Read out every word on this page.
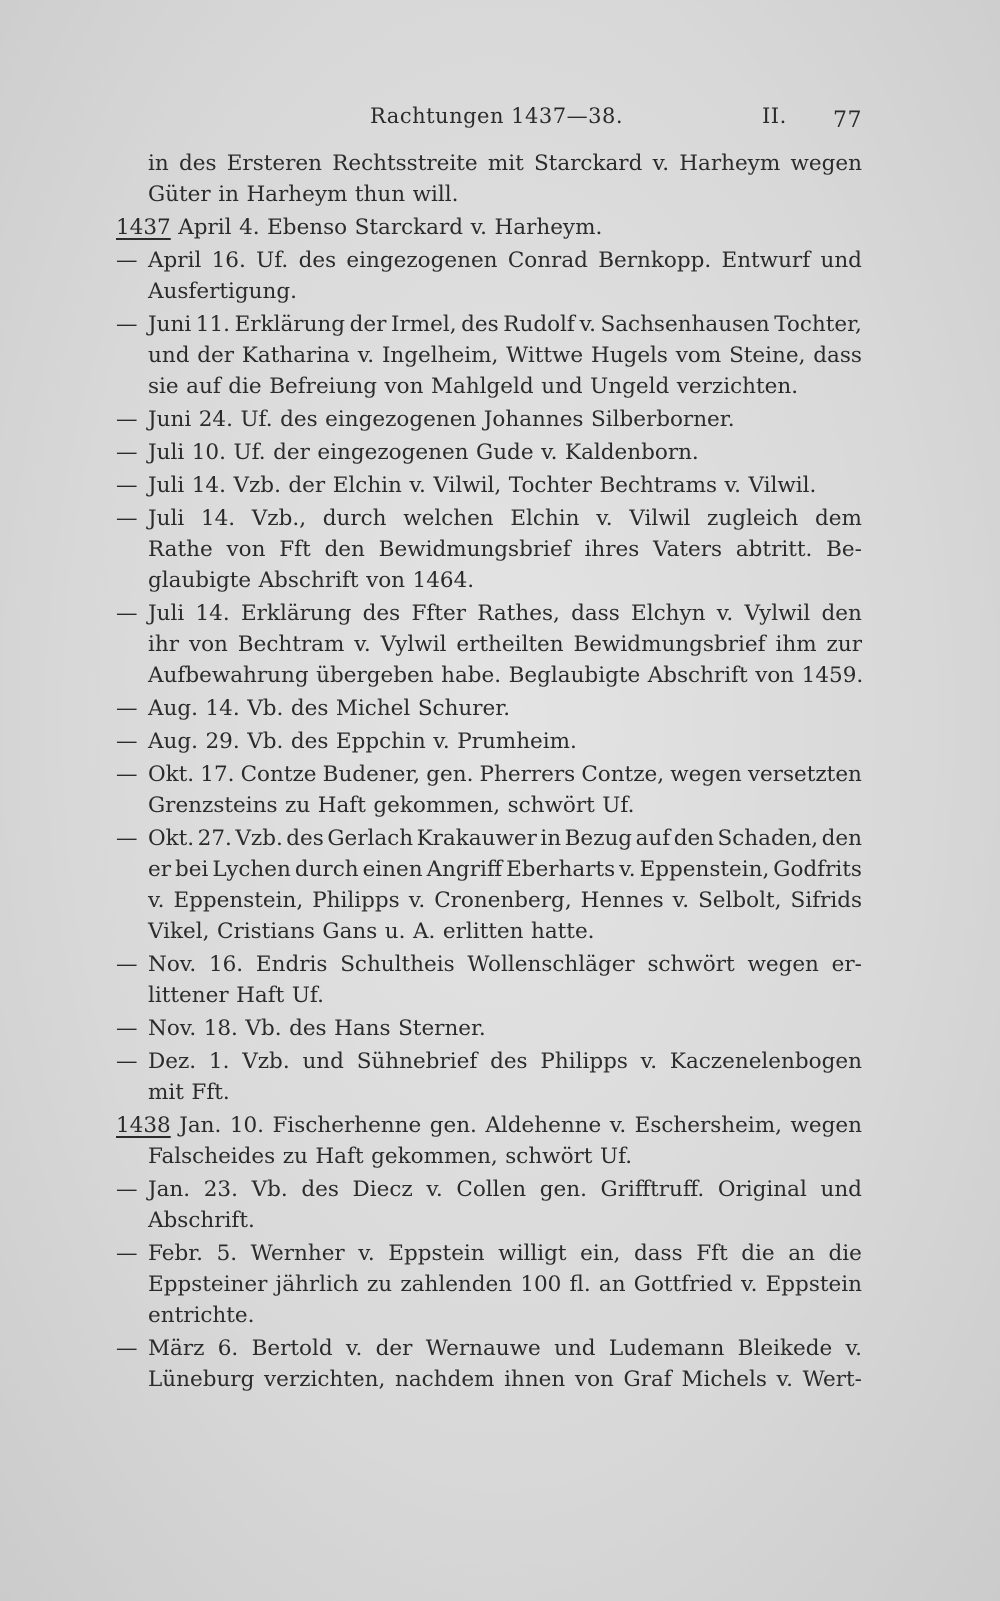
Rachtungen 1437—38.	II. 77
in des Ersteren Rechtsstreite mit Starckard v. Harheym wegen
Güter in Harheym thun will.
1437 April 4. Ebenso Starckard v. Harheym.
— April 16. Uf. des eingezogenen Conrad Bernkopp. Entwurf und
Ausfertigung.
— Juni 11. Erklärung der Irmel, des Rudolf v. Sachsenhausen Tochter,
und der Katharina v. Ingelheim, Wittwe Hugels vom Steine, dass
sie auf die Befreiung von Mahlgeld und Ungeld verzichten.
— Juni 24. Uf. des eingezogenen Johannes Silberborner.
— Juli 10. Uf. der eingezogenen Gude v. Kaldenborn.
— Juli 14. Vzb. der Elchin v. Vilwil, Tochter Bechtrams v. Vilwil.
— Juli 14. Vzb., durch welchen Elchin v. Vilwil zugleich dem
Rathe von Fft den Bewidmungsbrief ihres Vaters abtritt. Be-
glaubigte Abschrift von 1464.
— Juli 14. Erklärung des Ffter Rathes, dass Elchyn v. Vylwil den
ihr von Bechtram v. Vylwil ertheilten Bewidmungsbrief ihm zur
Aufbewahrung übergeben habe. Beglaubigte Abschrift von 1459.
— Aug. 14. Vb. des Michel Schurer.
— Aug. 29. Vb. des Eppchin v. Prumheim.
— Okt. 17. Contze Budener, gen. Pherrers Contze, wegen versetzten
Grenzsteins zu Haft gekommen, schwört Uf.
— Okt. 27. Vzb. des Gerlach Krakauwer in Bezug auf den Schaden, den
er bei Lychen durch einen Angriff Eberharts v. Eppenstein, Godfrits
v. Eppenstein, Philipps v. Cronenberg, Hennes v. Selbolt, Sifrids
Vikel, Cristians Gans u. A. erlitten hatte.
— Nov. 16. Endris Schultheis Wollenschläger schwört wegen er-
littener Haft Uf.
— Nov. 18. Vb. des Hans Sterner.
— Dez. 1. Vzb. und Sühnebrief des Philipps v. Kaczenelenbogen
mit Fft.
1438 Jan. 10. Fischerhenne gen. Aldehenne v. Eschersheim, wegen
Falscheides zu Haft gekommen, schwört Uf.
— Jan. 23. Vb. des Diecz v. Collen gen. Grifftruff. Original und
Abschrift.
— Febr. 5. Wernher v. Eppstein willigt ein, dass Fft die an die
Eppsteiner jährlich zu zahlenden 100 fl. an Gottfried v. Eppstein
entrichte.
— März 6. Bertold v. der Wernauwe und Ludemann Bleikede v.
Lüneburg verzichten, nachdem ihnen von Graf Michels v. Wert-
